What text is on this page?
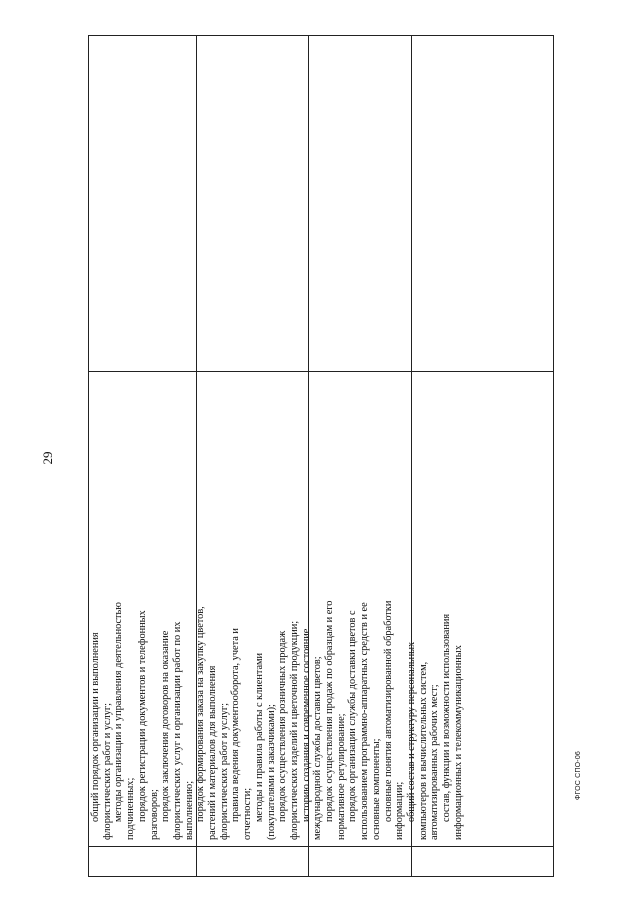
29
общий порядок организации и выполнения флористических работ и услуг; методы организации и управления деятельностью подчиненных; порядок регистрации документов и телефонных разговоров; порядок заключения договоров на оказание флористических услуг и организации работ по их выполнению; порядок формирования заказа на закупку цветов, растений и материалов для выполнения флористических работ и услуг; правила ведения документооборота, учета и отчетности; методы и правила работы с клиентами (покупателями и заказчиками); порядок осуществления розничных продаж флористических изделий и цветочной продукции; историю создания и современное состояние международной службы доставки цветов; порядок осуществления продаж по образцам и его нормативное регулирование; порядок организации службы доставки цветов с использованием программно-аппаратных средств и ее основные компоненты; основные понятия автоматизированной обработки информации; общий состав и структуру персональных компьютеров и вычислительных систем, автоматизированных рабочих мест; состав, функции и возможности использования информационных и телекоммуникационных	ФГОС СПО-06
